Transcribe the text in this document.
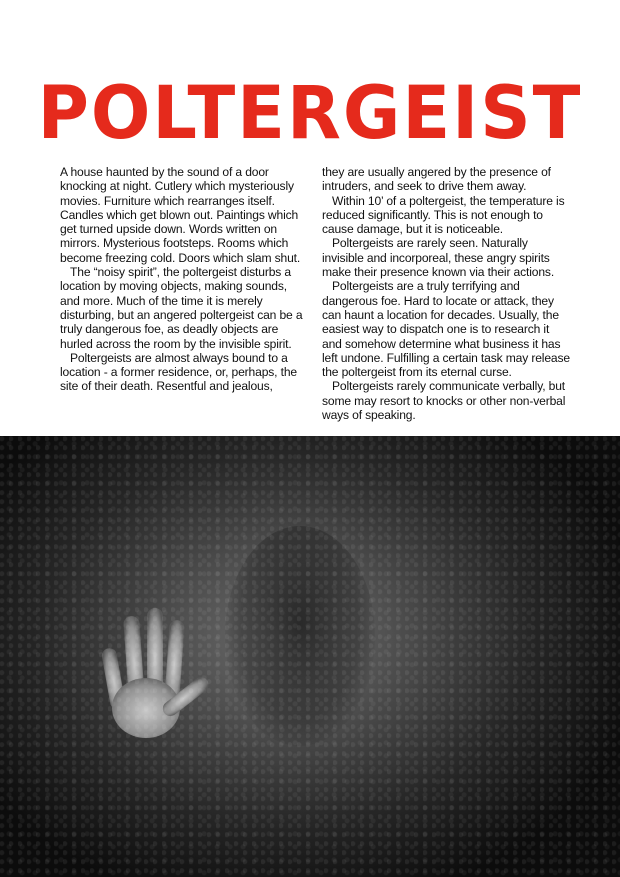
POLTERGEIST

A house haunted by the sound of a door knocking at night. Cutlery which mysteriously movies. Furniture which rearranges itself. Candles which get blown out. Paintings which get turned upside down. Words written on mirrors. Mysterious footsteps. Rooms which become freezing cold. Doors which slam shut.

The “noisy spirit”, the poltergeist disturbs a location by moving objects, making sounds, and more. Much of the time it is merely disturbing, but an angered poltergeist can be a truly dangerous foe, as deadly objects are hurled across the room by the invisible spirit.

Poltergeists are almost always bound to a location - a former residence, or, perhaps, the site of their death. Resentful and jealous,

they are usually angered by the presence of intruders, and seek to drive them away.

Within 10’ of a poltergeist, the temperature is reduced significantly. This is not enough to cause damage, but it is noticeable.

Poltergeists are rarely seen. Naturally invisible and incorporeal, these angry spirits make their presence known via their actions.

Poltergeists are a truly terrifying and dangerous foe. Hard to locate or attack, they can haunt a location for decades. Usually, the easiest way to dispatch one is to research it and somehow determine what business it has left undone. Fulfilling a certain task may release the poltergeist from its eternal curse.

Poltergeists rarely communicate verbally, but some may resort to knocks or other non-verbal ways of speaking.
